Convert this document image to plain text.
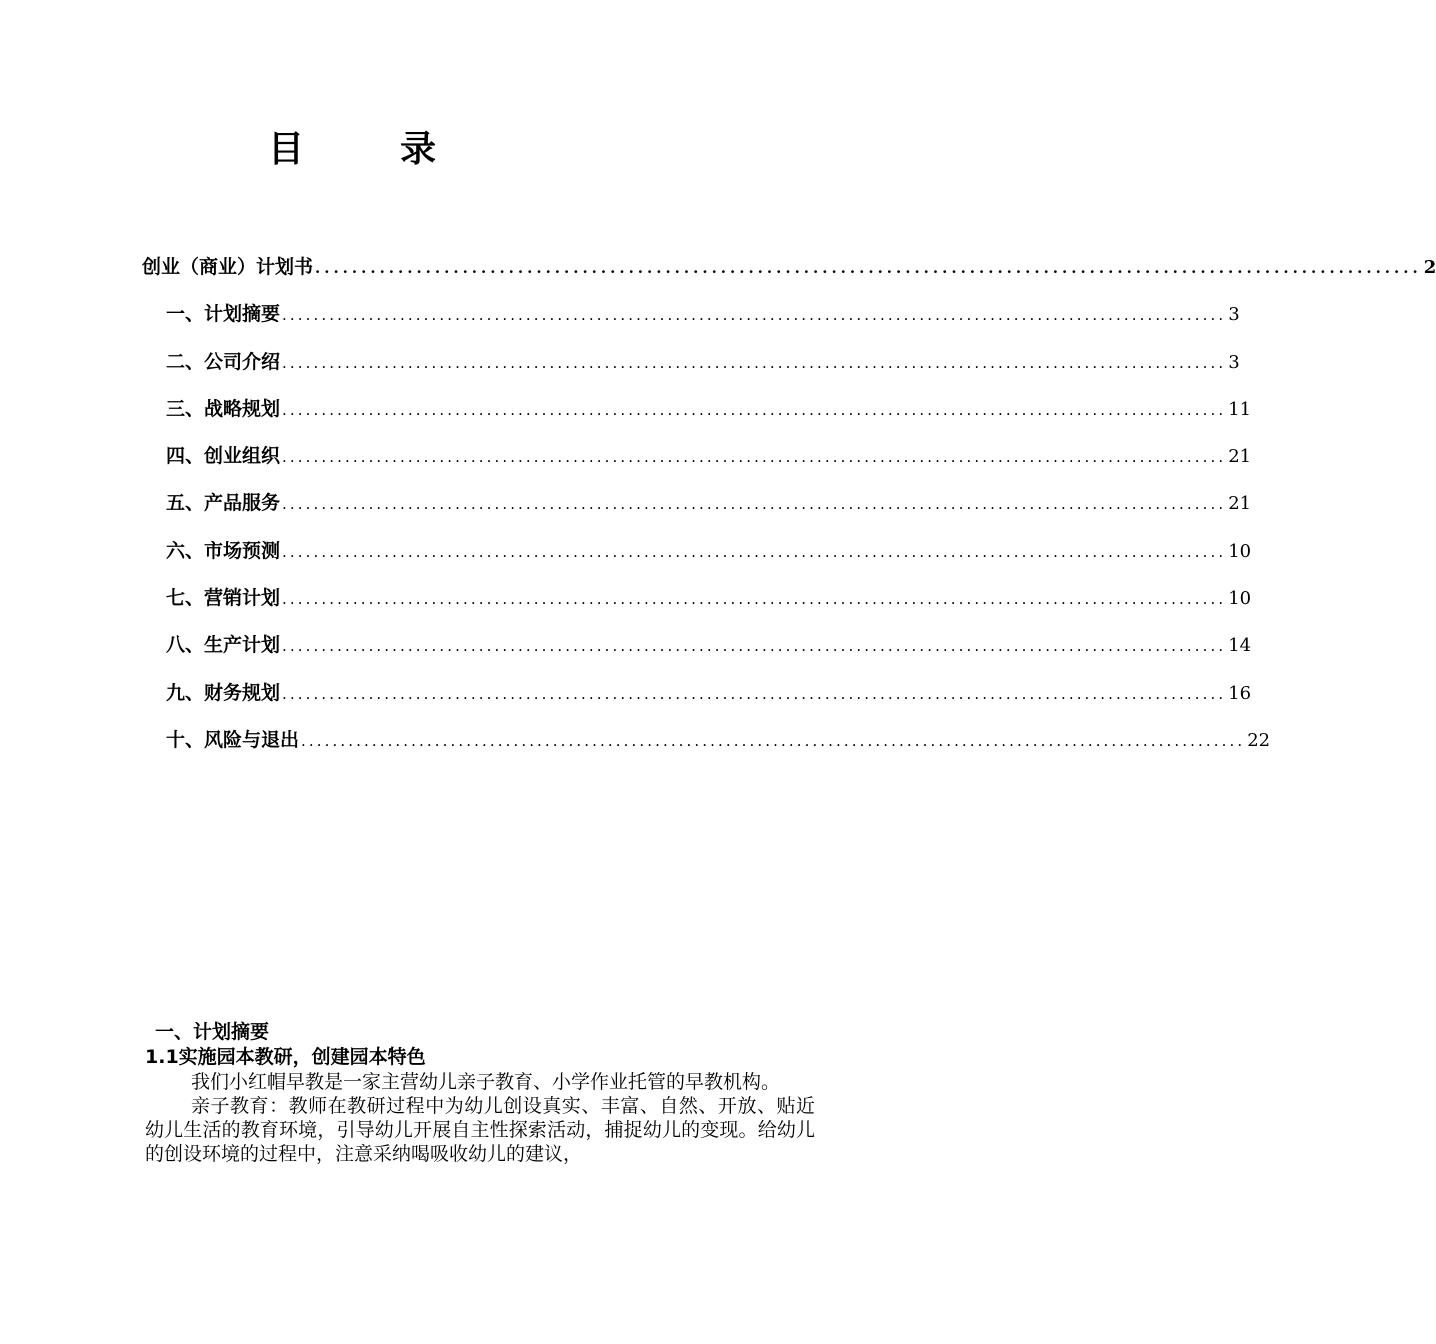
目　录
创业（商业）计划书 ........................................................................................................................ 2
一、计划摘要 ........................................................................................................................ 3
二、公司介绍 ........................................................................................................................ 3
三、战略规划 ........................................................................................................................ 11
四、创业组织 ........................................................................................................................ 21
五、产品服务 ........................................................................................................................ 21
六、市场预测 ........................................................................................................................ 10
七、营销计划 ........................................................................................................................ 10
八、生产计划 ........................................................................................................................ 14
九、财务规划 ........................................................................................................................ 16
十、风险与退出 ........................................................................................................................ 22
一、计划摘要
1.1实施园本教研，创建园本特色

我们小红帽早教是一家主营幼儿亲子教育、小学作业托管的早教机构。

亲子教育：教师在教研过程中为幼儿创设真实、丰富、自然、开放、贴近幼儿生活的教育环境，引导幼儿开展自主性探索活动，捕捉幼儿的变现。给幼儿的创设环境的过程中，注意采纳喝吸收幼儿的建议，
